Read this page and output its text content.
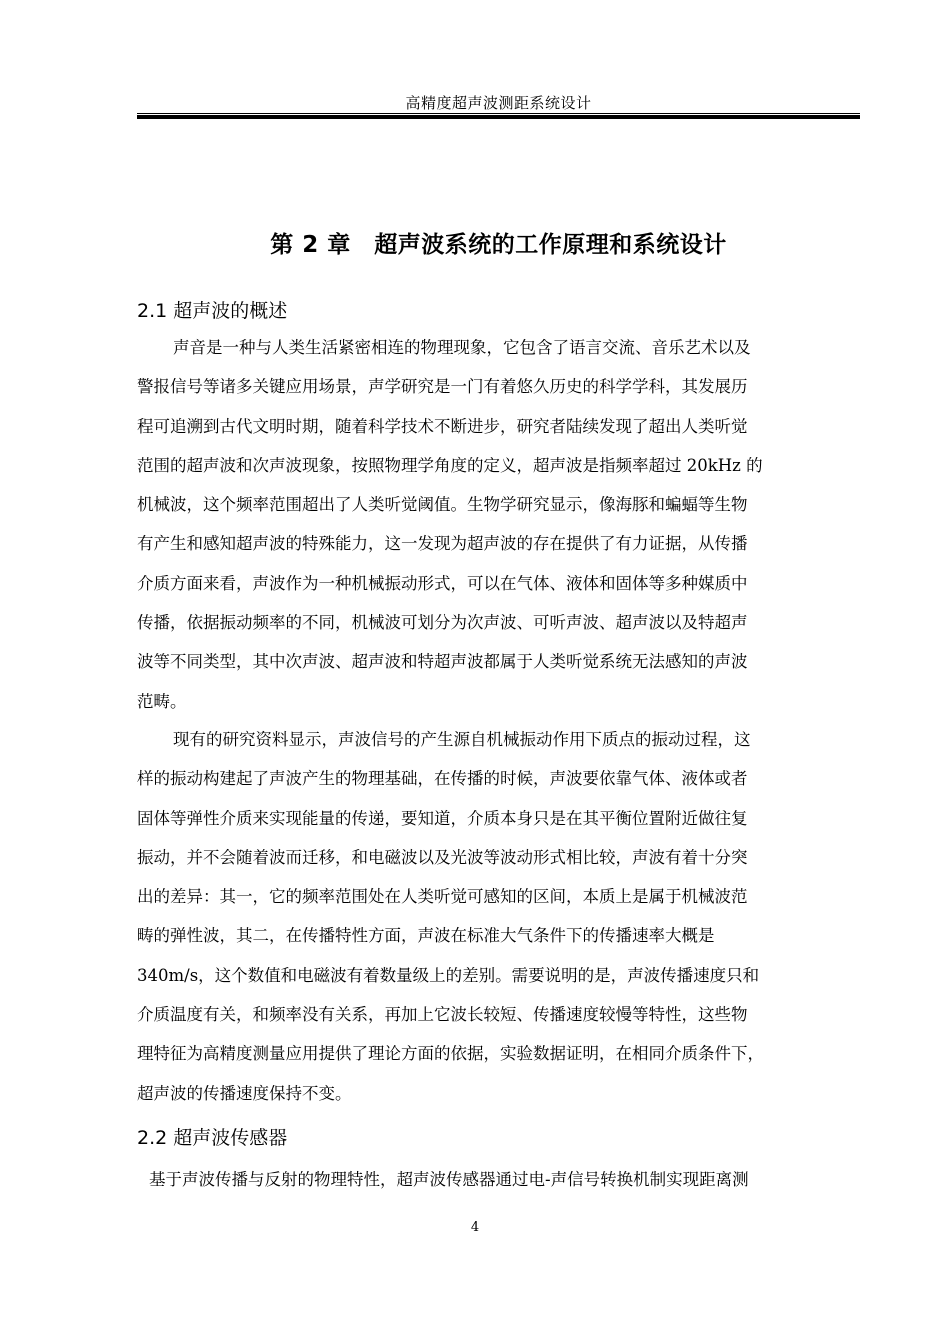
高精度超声波测距系统设计
第 2 章　超声波系统的工作原理和系统设计
2.1 超声波的概述
声音是一种与人类生活紧密相连的物理现象，它包含了语言交流、音乐艺术以及
警报信号等诸多关键应用场景，声学研究是一门有着悠久历史的科学学科，其发展历
程可追溯到古代文明时期，随着科学技术不断进步，研究者陆续发现了超出人类听觉
范围的超声波和次声波现象，按照物理学角度的定义，超声波是指频率超过 20kHz 的
机械波，这个频率范围超出了人类听觉阈值。生物学研究显示，像海豚和蝙蝠等生物
有产生和感知超声波的特殊能力，这一发现为超声波的存在提供了有力证据，从传播
介质方面来看，声波作为一种机械振动形式，可以在气体、液体和固体等多种媒质中
传播，依据振动频率的不同，机械波可划分为次声波、可听声波、超声波以及特超声
波等不同类型，其中次声波、超声波和特超声波都属于人类听觉系统无法感知的声波
范畴。
现有的研究资料显示，声波信号的产生源自机械振动作用下质点的振动过程，这
样的振动构建起了声波产生的物理基础，在传播的时候，声波要依靠气体、液体或者
固体等弹性介质来实现能量的传递，要知道，介质本身只是在其平衡位置附近做往复
振动，并不会随着波而迁移，和电磁波以及光波等波动形式相比较，声波有着十分突
出的差异：其一，它的频率范围处在人类听觉可感知的区间，本质上是属于机械波范
畴的弹性波，其二，在传播特性方面，声波在标准大气条件下的传播速率大概是
340m/s，这个数值和电磁波有着数量级上的差别。需要说明的是，声波传播速度只和
介质温度有关，和频率没有关系，再加上它波长较短、传播速度较慢等特性，这些物
理特征为高精度测量应用提供了理论方面的依据，实验数据证明，在相同介质条件下，
超声波的传播速度保持不变。
2.2 超声波传感器
基于声波传播与反射的物理特性，超声波传感器通过电-声信号转换机制实现距离测
4
